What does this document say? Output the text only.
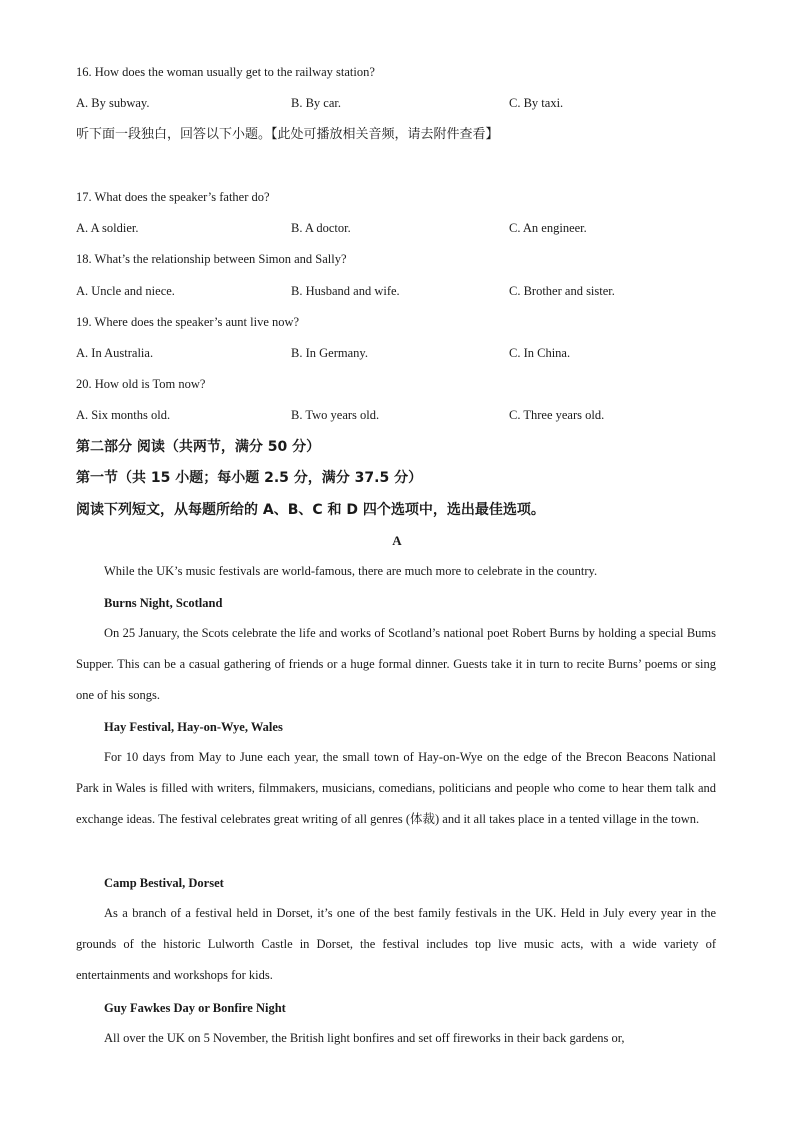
16. How does the woman usually get to the railway station?
A. By subway.	B. By car.	C. By taxi.
听下面一段独白，回答以下小题。【此处可播放相关音频，请去附件查看】
17. What does the speaker’s father do?
A. A soldier.	B. A doctor.	C. An engineer.
18. What’s the relationship between Simon and Sally?
A. Uncle and niece.	B. Husband and wife.	C. Brother and sister.
19. Where does the speaker’s aunt live now?
A. In Australia.	B. In Germany.	C. In China.
20. How old is Tom now?
A. Six months old.	B. Two years old.	C. Three years old.
第二部分 阅读（共两节，满分 50 分）
第一节（共 15 小题；每小题 2.5 分，满分 37.5 分）
阅读下列短文，从每题所给的 A、B、C 和 D 四个选项中，选出最佳选项。
A
While the UK’s music festivals are world-famous, there are much more to celebrate in the country.
Burns Night, Scotland
On 25 January, the Scots celebrate the life and works of Scotland’s national poet Robert Burns by holding a special Bums Supper. This can be a casual gathering of friends or a huge formal dinner. Guests take it in turn to recite Burns’ poems or sing one of his songs.
Hay Festival, Hay-on-Wye, Wales
For 10 days from May to June each year, the small town of Hay-on-Wye on the edge of the Brecon Beacons National Park in Wales is filled with writers, filmmakers, musicians, comedians, politicians and people who come to hear them talk and exchange ideas. The festival celebrates great writing of all genres (体裁) and it all takes place in a tented village in the town.
Camp Bestival, Dorset
As a branch of a festival held in Dorset, it’s one of the best family festivals in the UK. Held in July every year in the grounds of the historic Lulworth Castle in Dorset, the festival includes top live music acts, with a wide variety of entertainments and workshops for kids.
Guy Fawkes Day or Bonfire Night
All over the UK on 5 November, the British light bonfires and set off fireworks in their back gardens or,
